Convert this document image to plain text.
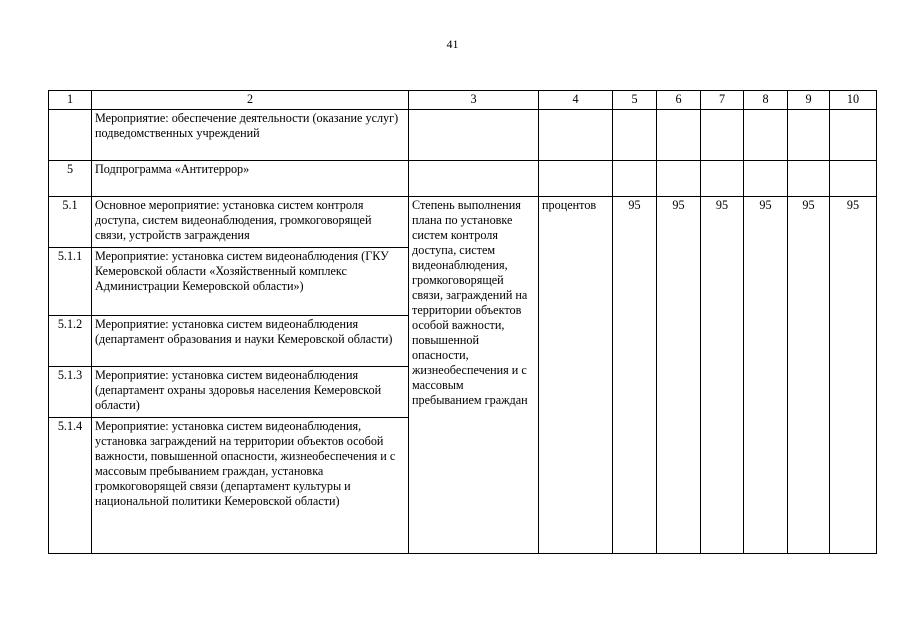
41
1	2	3	4	5	6	7	8	9	10
	Мероприятие: обеспечение деятельности (оказание услуг) подведомственных учреждений								
5	Подпрограмма «Антитеррор»								
5.1	Основное мероприятие: установка систем контроля доступа, систем видеонаблюдения, громкоговорящей связи, устройств заграждения	Степень выполнения плана по установке систем контроля доступа, систем видеонаблюдения, громкоговорящей связи, заграждений на территории объектов особой важности, повышенной опасности, жизнеобеспечения и с массовым пребыванием граждан	процентов	95	95	95	95	95	95
5.1.1	Мероприятие: установка систем видеонаблюдения (ГКУ Кемеровской области «Хозяйственный комплекс Администрации Кемеровской области»)								
5.1.2	Мероприятие: установка систем видеонаблюдения (департамент образования и науки Кемеровской области)								
5.1.3	Мероприятие: установка систем видеонаблюдения (департамент охраны здоровья населения Кемеровской области)								
5.1.4	Мероприятие: установка систем видеонаблюдения, установка заграждений на территории объектов особой важности, повышенной опасности, жизнеобеспечения и с массовым пребыванием граждан, установка громкоговорящей связи (департамент культуры и национальной политики Кемеровской области)								
